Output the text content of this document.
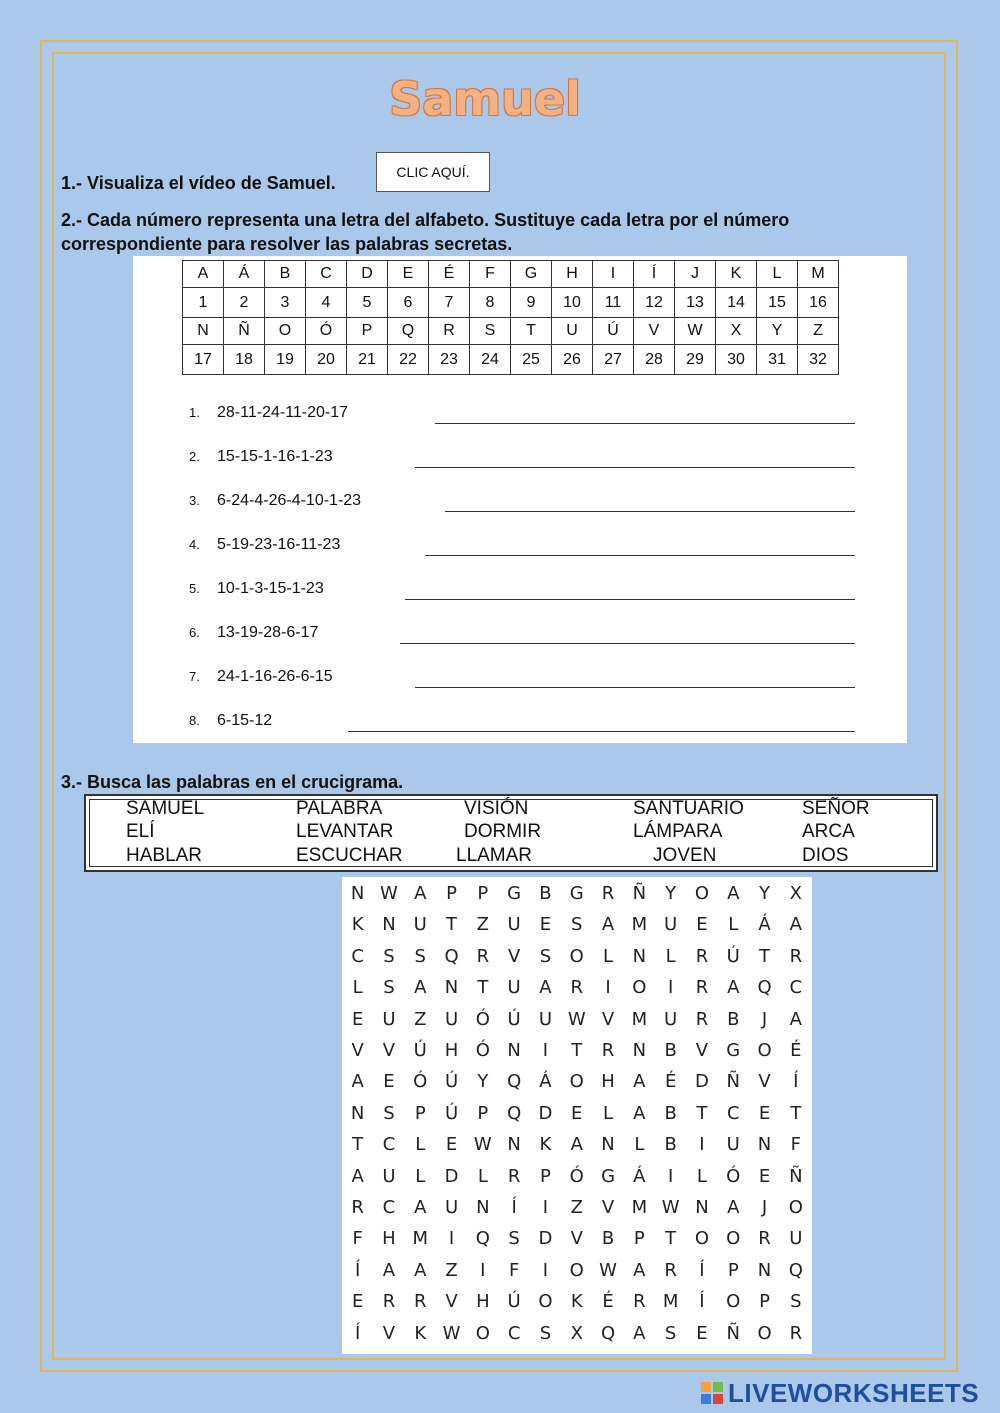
Samuel
1.- Visualiza el vídeo de Samuel.
CLIC AQUÍ.
2.- Cada número representa una letra del alfabeto. Sustituye cada letra por el número
correspondiente para resolver las palabras secretas.
A	Á	B	C	D	E	É	F	G	H	I	Í	J	K	L	M
1	2	3	4	5	6	7	8	9	10	11	12	13	14	15	16
N	Ñ	O	Ó	P	Q	R	S	T	U	Ú	V	W	X	Y	Z
17	18	19	20	21	22	23	24	25	26	27	28	29	30	31	32
1. 28-11-24-11-20-17
2. 15-15-1-16-1-23
3. 6-24-4-26-4-10-1-23
4. 5-19-23-16-11-23
5. 10-1-3-15-1-23
6. 13-19-28-6-17
7. 24-1-16-26-6-15
8. 6-15-12
3.- Busca las palabras en el crucigrama.
SAMUEL	PALABRA	VISIÓN	SANTUARIO	SEÑOR
ELÍ	LEVANTAR	DORMIR	LÁMPARA	ARCA
HABLAR	ESCUCHAR	LLAMAR	JOVEN	DIOS
N W A	P	P	G	B	G	R	Ñ	Y	O	A	Y	X
K	N U	T	Z	U	E	S	A M U	E	L	Á	A
C	S	S	Q R	V	S	O	L	N	L	R	Ú	T	R
L	S	A	N	T	U	A	R	I	O	I	R	A	Q C
E	U	Z	U Ó Ú	U W V M U	R	B	J	A
V	V	Ú H Ó N	I	T	R	N	B	V	G O	É
A	E	Ó Ú	Y	Q	Á	O H	A	É	D Ñ	V	Í
N	S	P	Ú	P	Q D	E	L	A	B	T	C	E	T
T	C	L	E W N	K	A	N	L	B	I	U N	F
A	U	L	D	L	R	P	Ó G	Á	I	L	Ó	E	Ñ
R	C	A	U N	Í	I	Z	V M W N	A	J	O
F	H M	I	Q	S	D	V	B	P	T	O O R	U
Í	A	A	Z	I	F	I	O W A	R	Í	P	N Q
E	R	R	V	H Ú O	K	É	R M	Í	O	P	S
Í	V	K W O C	S	X	Q	A	S	E	Ñ O R
LIVEWORKSHEETS
